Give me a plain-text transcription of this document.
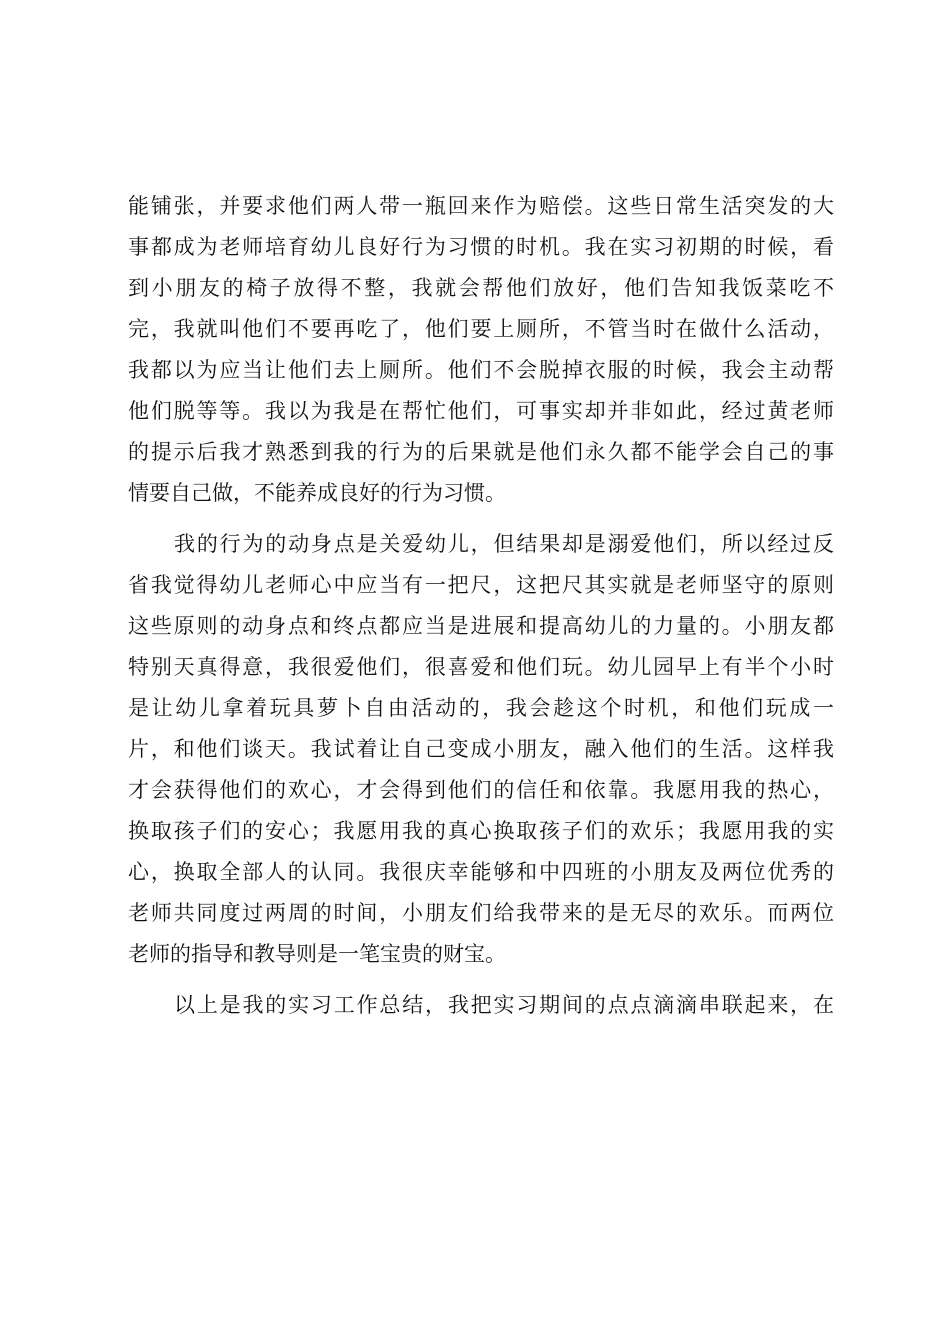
能铺张，并要求他们两人带一瓶回来作为赔偿。这些日常生活突发的大
事都成为老师培育幼儿良好行为习惯的时机。我在实习初期的时候，看
到小朋友的椅子放得不整，我就会帮他们放好，他们告知我饭菜吃不
完，我就叫他们不要再吃了，他们要上厕所，不管当时在做什么活动，
我都以为应当让他们去上厕所。他们不会脱掉衣服的时候，我会主动帮
他们脱等等。我以为我是在帮忙他们，可事实却并非如此，经过黄老师
的提示后我才熟悉到我的行为的后果就是他们永久都不能学会自己的事
情要自己做，不能养成良好的行为习惯。
我的行为的动身点是关爱幼儿，但结果却是溺爱他们，所以经过反
省我觉得幼儿老师心中应当有一把尺，这把尺其实就是老师坚守的原则
这些原则的动身点和终点都应当是进展和提高幼儿的力量的。小朋友都
特别天真得意，我很爱他们，很喜爱和他们玩。幼儿园早上有半个小时
是让幼儿拿着玩具萝卜自由活动的，我会趁这个时机，和他们玩成一
片，和他们谈天。我试着让自己变成小朋友，融入他们的生活。这样我
才会获得他们的欢心，才会得到他们的信任和依靠。我愿用我的热心，
换取孩子们的安心；我愿用我的真心换取孩子们的欢乐；我愿用我的实
心，换取全部人的认同。我很庆幸能够和中四班的小朋友及两位优秀的
老师共同度过两周的时间，小朋友们给我带来的是无尽的欢乐。而两位
老师的指导和教导则是一笔宝贵的财宝。
以上是我的实习工作总结，我把实习期间的点点滴滴串联起来，在
